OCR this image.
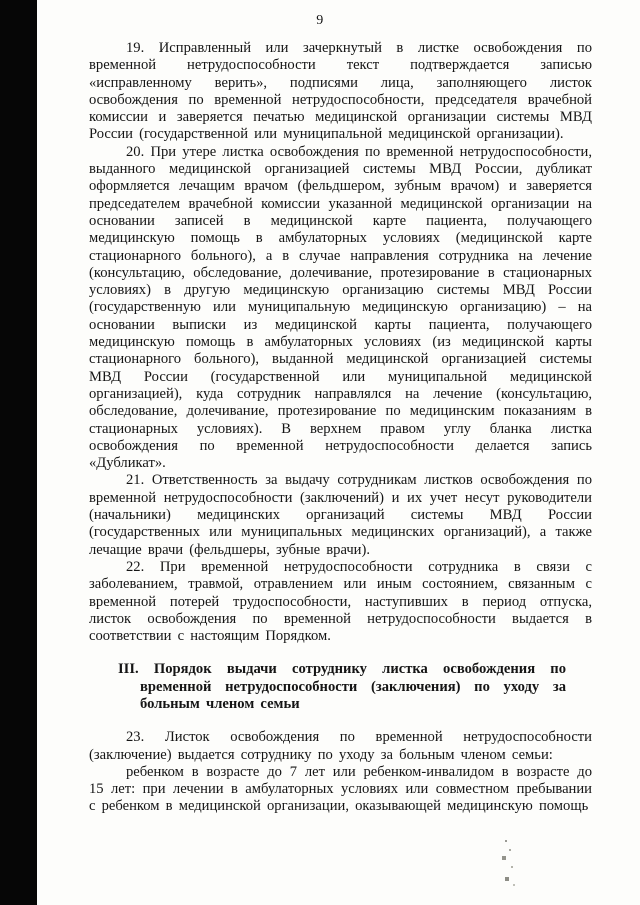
9

19. Исправленный или зачеркнутый в листке освобождения по временной нетрудоспособности текст подтверждается записью «исправленному верить», подписями лица, заполняющего листок освобождения по временной нетрудоспособности, председателя врачебной комиссии и заверяется печатью медицинской организации системы МВД России (государственной или муниципальной медицинской организации).

20. При утере листка освобождения по временной нетрудоспособности, выданного медицинской организацией системы МВД России, дубликат оформляется лечащим врачом (фельдшером, зубным врачом) и заверяется председателем врачебной комиссии указанной медицинской организации на основании записей в медицинской карте пациента, получающего медицинскую помощь в амбулаторных условиях (медицинской карте стационарного больного), а в случае направления сотрудника на лечение (консультацию, обследование, долечивание, протезирование в стационарных условиях) в другую медицинскую организацию системы МВД России (государственную или муниципальную медицинскую организацию) – на основании выписки из медицинской карты пациента, получающего медицинскую помощь в амбулаторных условиях (из медицинской карты стационарного больного), выданной медицинской организацией системы МВД России (государственной или муниципальной медицинской организацией), куда сотрудник направлялся на лечение (консультацию, обследование, долечивание, протезирование по медицинским показаниям в стационарных условиях). В верхнем правом углу бланка листка освобождения по временной нетрудоспособности делается запись «Дубликат».

21. Ответственность за выдачу сотрудникам листков освобождения по временной нетрудоспособности (заключений) и их учет несут руководители (начальники) медицинских организаций системы МВД России (государственных или муниципальных медицинских организаций), а также лечащие врачи (фельдшеры, зубные врачи).

22. При временной нетрудоспособности сотрудника в связи с заболеванием, травмой, отравлением или иным состоянием, связанным с временной потерей трудоспособности, наступивших в период отпуска, листок освобождения по временной нетрудоспособности выдается в соответствии с настоящим Порядком.

III. Порядок выдачи сотруднику листка освобождения по временной нетрудоспособности (заключения) по уходу за больным членом семьи

23. Листок освобождения по временной нетрудоспособности (заключение) выдается сотруднику по уходу за больным членом семьи:

ребенком в возрасте до 7 лет или ребенком-инвалидом в возрасте до 15 лет: при лечении в амбулаторных условиях или совместном пребывании с ребенком в медицинской организации, оказывающей медицинскую помощь
